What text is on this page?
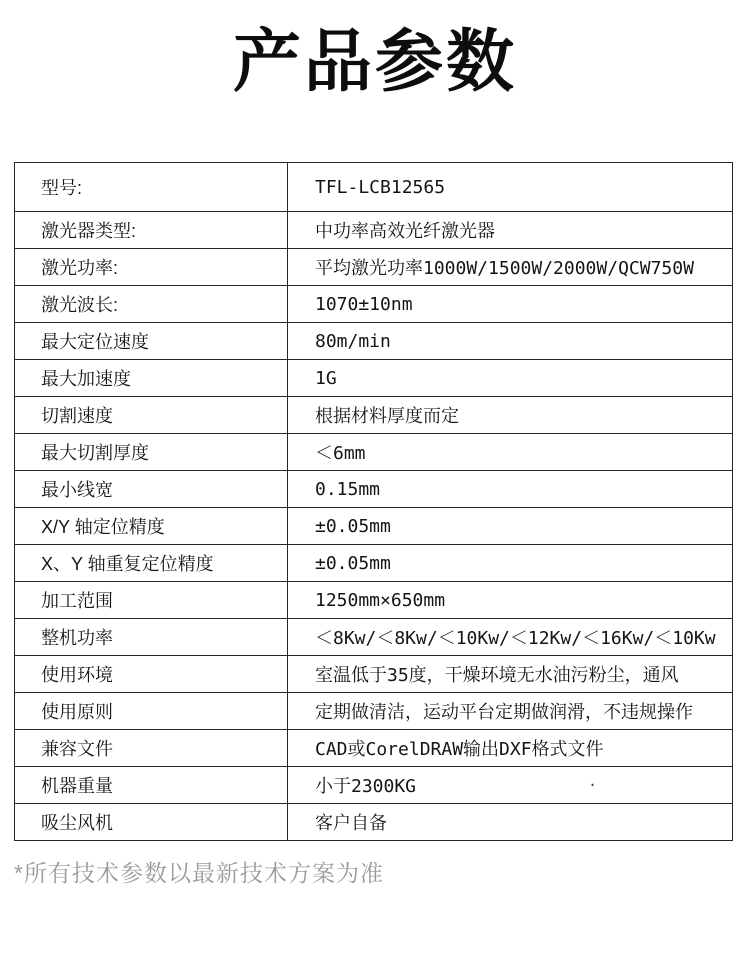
产品参数
型号:	TFL-LCB12565
激光器类型:	中功率高效光纤激光器
激光功率:	平均激光功率1000W/1500W/2000W/QCW750W
激光波长:	1070±10nm
最大定位速度	80m/min
最大加速度	1G
切割速度	根据材料厚度而定
最大切割厚度	＜6mm
最小线宽	0.15mm
X/Y 轴定位精度	±0.05mm
X、Y 轴重复定位精度	±0.05mm
加工范围	1250mm×650mm
整机功率	＜8Kw/＜8Kw/＜10Kw/＜12Kw/＜16Kw/＜10Kw
使用环境	室温低于35度，干燥环境无水油污粉尘，通风
使用原则	定期做清洁，运动平台定期做润滑，不违规操作
兼容文件	CAD或CorelDRAW输出DXF格式文件
机器重量	小于2300KG .

吸尘风机	客户自备

*所有技术参数以最新技术方案为准
